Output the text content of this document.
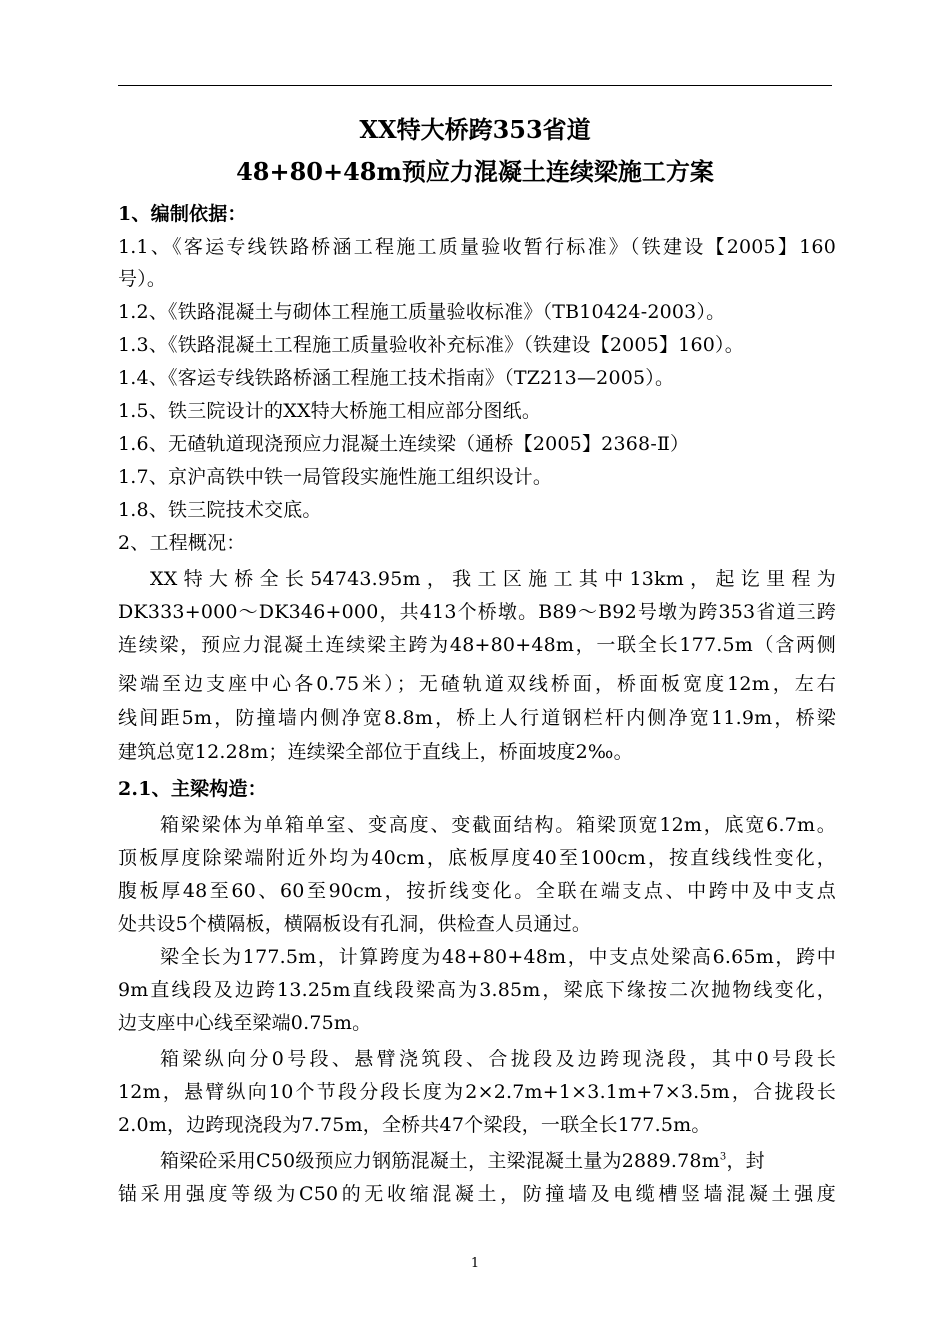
XX特大桥跨353省道
48+80+48m预应力混凝土连续梁施工方案
1、编制依据：
1.1、《客运专线铁路桥涵工程施工质量验收暂行标准》（铁建设【2005】160
号）。
1.2、《铁路混凝土与砌体工程施工质量验收标准》（TB10424-2003）。
1.3、《铁路混凝土工程施工质量验收补充标准》（铁建设【2005】160）。
1.4、《客运专线铁路桥涵工程施工技术指南》（TZ213—2005）。
1.5、铁三院设计的XX特大桥施工相应部分图纸。
1.6、无碴轨道现浇预应力混凝土连续梁（通桥【2005】2368-Ⅱ）
1.7、京沪高铁中铁一局管段实施性施工组织设计。
1.8、铁三院技术交底。
2、工程概况：
XX特大桥全长54743.95m，我工区施工其中13km，起讫里程为
DK333+000～DK346+000，共413个桥墩。B89～B92号墩为跨353省道三跨
连续梁，预应力混凝土连续梁主跨为48+80+48m，一联全长177.5m（含两侧
梁端至边支座中心各0.75米）；无碴轨道双线桥面，桥面板宽度12m，左右
线间距5m，防撞墙内侧净宽8.8m，桥上人行道钢栏杆内侧净宽11.9m，桥梁
建筑总宽12.28m；连续梁全部位于直线上，桥面坡度2‰。
2.1、主梁构造：
箱梁梁体为单箱单室、变高度、变截面结构。箱梁顶宽12m，底宽6.7m。
顶板厚度除梁端附近外均为40cm，底板厚度40至100cm，按直线线性变化，
腹板厚48至60、60至90cm，按折线变化。全联在端支点、中跨中及中支点
处共设5个横隔板，横隔板设有孔洞，供检查人员通过。
梁全长为177.5m，计算跨度为48+80+48m，中支点处梁高6.65m，跨中
9m直线段及边跨13.25m直线段梁高为3.85m，梁底下缘按二次抛物线变化，
边支座中心线至梁端0.75m。
箱梁纵向分0号段、悬臂浇筑段、合拢段及边跨现浇段，其中0号段长
12m，悬臂纵向10个节段分段长度为2×2.7m+1×3.1m+7×3.5m，合拢段长
2.0m，边跨现浇段为7.75m，全桥共47个梁段，一联全长177.5m。
箱梁砼采用C50级预应力钢筋混凝土，主梁混凝土量为$2889.78m^3$，封
锚采用强度等级为C50的无收缩混凝土，防撞墙及电缆槽竖墙混凝土强度
1
